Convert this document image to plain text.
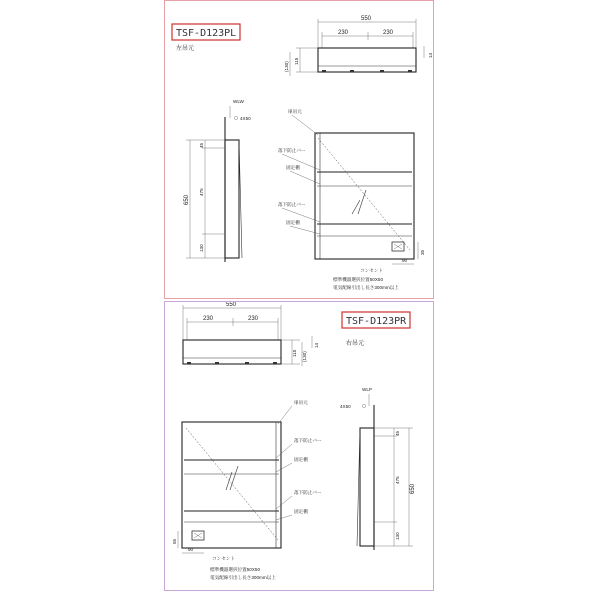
TSF-D123PL
左吊元
550
230	230
115
(130)
14
WLW
4X50
650
45
475
130
扉吊元
落下防止バー
固定棚
落下防止バー
固定棚
35
90
コンセント
標準機器選択位置50X50
電気配線引出し長さ300mm以上
TSF-D123PR
右吊元
550
230	230
115 (130)
14
扉吊元
落下防止バー
固定棚
落下防止バー
固定棚
55
90
コンセント
標準機器選択位置50X50
電気配線引出し長さ300mm以上
WLP
4X50
650
45
475
130
